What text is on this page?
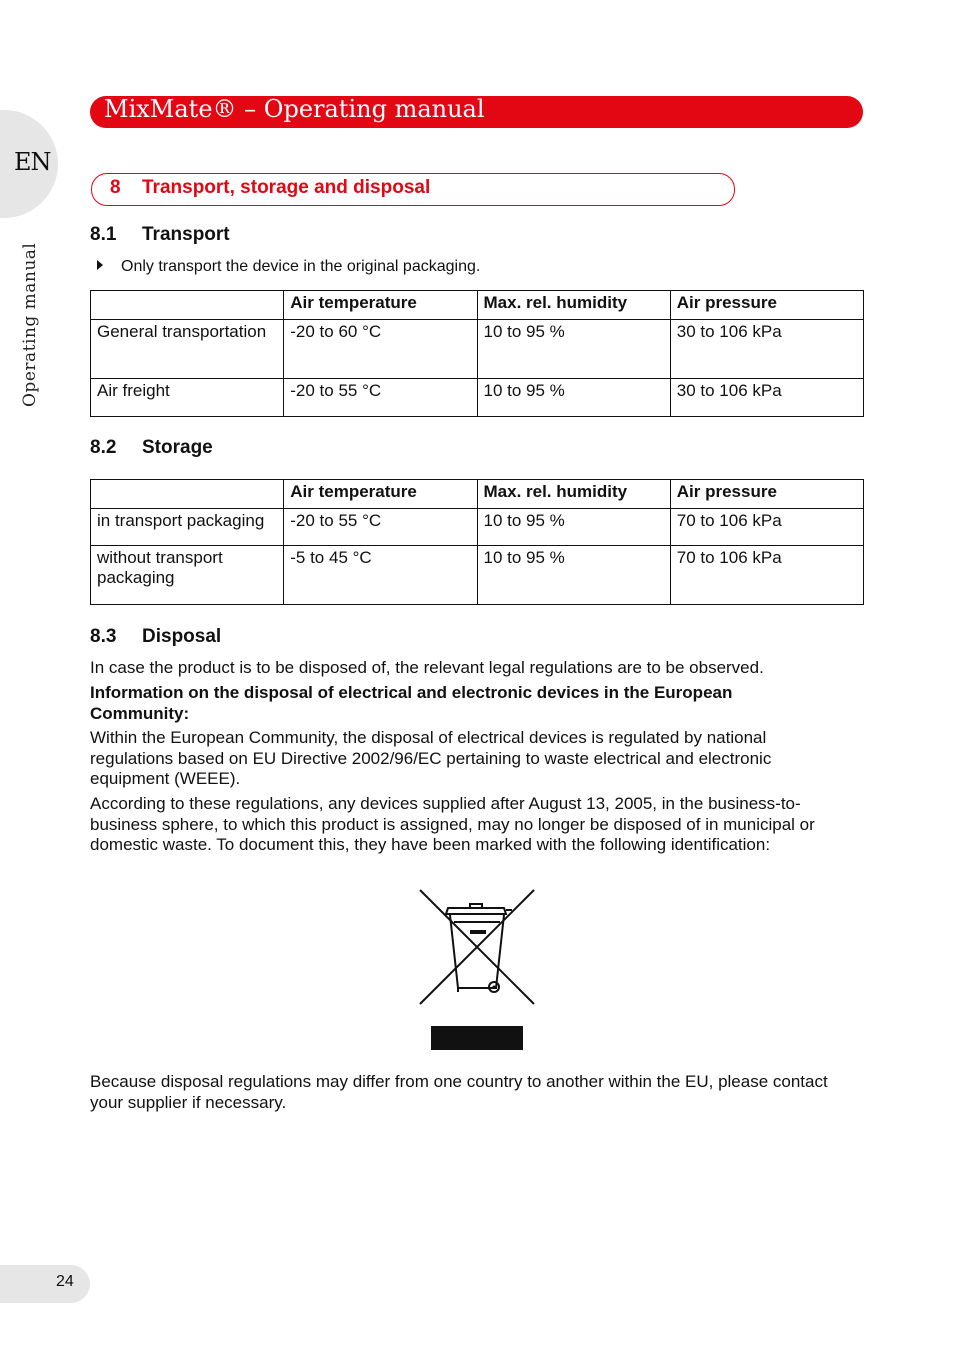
MixMate® – Operating manual
EN
Operating manual
8 Transport, storage and disposal
8.1 Transport
Only transport the device in the original packaging.
	Air temperature	Max. rel. humidity	Air pressure
General transportation	-20 to 60 °C	10 to 95 %	30 to 106 kPa
Air freight	-20 to 55 °C	10 to 95 %	30 to 106 kPa
8.2 Storage
	Air temperature	Max. rel. humidity	Air pressure
in transport packaging	-20 to 55 °C	10 to 95 %	70 to 106 kPa
without transport packaging	-5 to 45 °C	10 to 95 %	70 to 106 kPa
8.3 Disposal

In case the product is to be disposed of, the relevant legal regulations are to be observed.

Information on the disposal of electrical and electronic devices in the European Community:

Within the European Community, the disposal of electrical devices is regulated by national regulations based on EU Directive 2002/96/EC pertaining to waste electrical and electronic equipment (WEEE).

According to these regulations, any devices supplied after August 13, 2005, in the business-to-business sphere, to which this product is assigned, may no longer be disposed of in municipal or domestic waste. To document this, they have been marked with the following identification:

Because disposal regulations may differ from one country to another within the EU, please contact your supplier if necessary.

24
